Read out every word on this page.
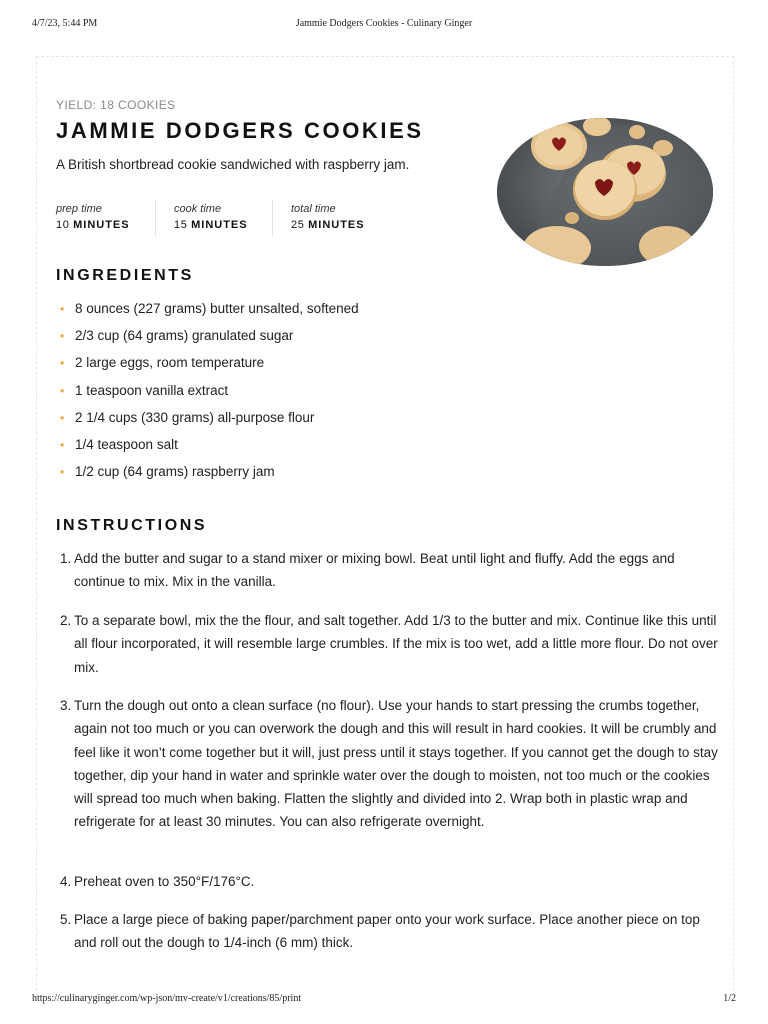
4/7/23, 5:44 PM	Jammie Dodgers Cookies - Culinary Ginger
YIELD: 18 COOKIES
JAMMIE DODGERS COOKIES

A British shortbread cookie sandwiched with raspberry jam.

prep time
10 MINUTES
cook time
15 MINUTES
total time
25 MINUTES
INGREDIENTS
• 8 ounces (227 grams) butter unsalted, softened
• 2/3 cup (64 grams) granulated sugar
• 2 large eggs, room temperature
• 1 teaspoon vanilla extract
• 2 1/4 cups (330 grams) all-purpose flour
• 1/4 teaspoon salt
• 1/2 cup (64 grams) raspberry jam
INSTRUCTIONS
1. Add the butter and sugar to a stand mixer or mixing bowl. Beat until light and fluffy. Add the eggs and continue to mix. Mix in the vanilla.
2. To a separate bowl, mix the the flour, and salt together. Add 1/3 to the butter and mix. Continue like this until all flour incorporated, it will resemble large crumbles. If the mix is too wet, add a little more flour. Do not over mix.
3. Turn the dough out onto a clean surface (no flour). Use your hands to start pressing the crumbs together, again not too much or you can overwork the dough and this will result in hard cookies. It will be crumbly and feel like it won’t come together but it will, just press until it stays together. If you cannot get the dough to stay together, dip your hand in water and sprinkle water over the dough to moisten, not too much or the cookies will spread too much when baking. Flatten the slightly and divided into 2. Wrap both in plastic wrap and refrigerate for at least 30 minutes. You can also refrigerate overnight.
4. Preheat oven to 350°F/176°C.
5. Place a large piece of baking paper/parchment paper onto your work surface. Place another piece on top and roll out the dough to 1/4-inch (6 mm) thick.
https://culinaryginger.com/wp-json/mv-create/v1/creations/85/print	1/2
